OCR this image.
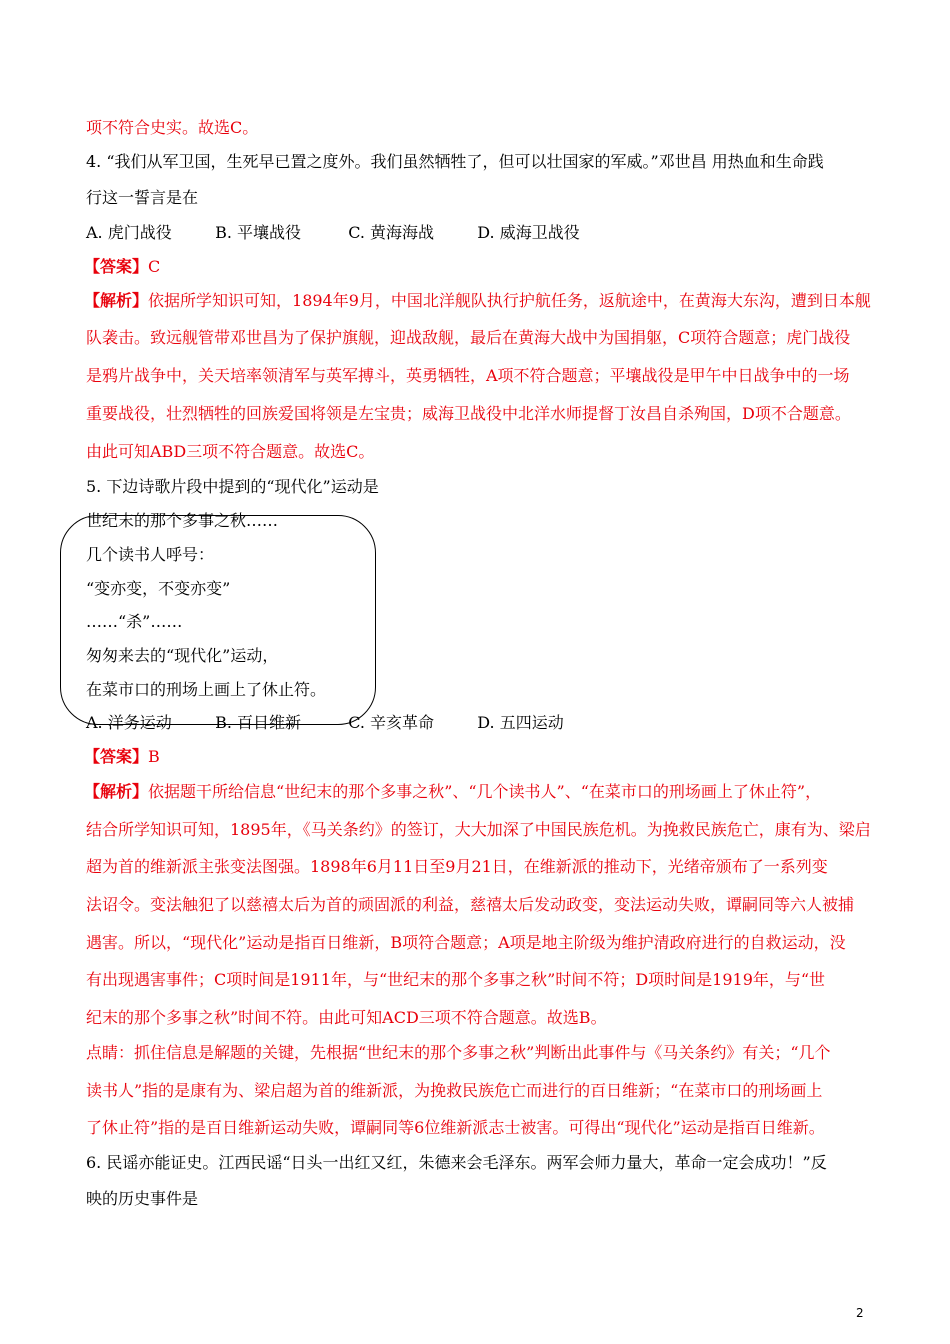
项不符合史实。故选C。
4. “我们从军卫国，生死早已置之度外。我们虽然牺牲了，但可以壮国家的军威。”邓世昌 用热血和生命践
行这一誓言是在
A. 虎门战役	B. 平壤战役	C. 黄海海战	D. 威海卫战役
【答案】C
【解析】依据所学知识可知，1894年9月，中国北洋舰队执行护航任务，返航途中，在黄海大东沟，遭到日本舰
队袭击。致远舰管带邓世昌为了保护旗舰，迎战敌舰，最后在黄海大战中为国捐躯，C项符合题意；虎门战役
是鸦片战争中，关天培率领清军与英军搏斗，英勇牺牲，A项不符合题意；平壤战役是甲午中日战争中的一场
重要战役，壮烈牺牲的回族爱国将领是左宝贵；威海卫战役中北洋水师提督丁汝昌自杀殉国，D项不合题意。
由此可知ABD三项不符合题意。故选C。
5. 下边诗歌片段中提到的“现代化”运动是
世纪末的那个多事之秋……
几个读书人呼号：
“变亦变，不变亦变”
……“杀”……
匆匆来去的“现代化”运动，
在菜市口的刑场上画上了休止符。
A. 洋务运动	B. 百日维新	C. 辛亥革命	D. 五四运动
【答案】B
【解析】依据题干所给信息“世纪末的那个多事之秋”、“几个读书人”、“在菜市口的刑场画上了休止符”，
结合所学知识可知，1895年，《马关条约》的签订，大大加深了中国民族危机。为挽救民族危亡，康有为、梁启
超为首的维新派主张变法图强。1898年6月11日至9月21日，在维新派的推动下，光绪帝颁布了一系列变
法诏令。变法触犯了以慈禧太后为首的顽固派的利益，慈禧太后发动政变，变法运动失败，谭嗣同等六人被捕
遇害。所以，“现代化”运动是指百日维新，B项符合题意；A项是地主阶级为维护清政府进行的自救运动，没
有出现遇害事件；C项时间是1911年，与“世纪末的那个多事之秋”时间不符；D项时间是1919年，与“世
纪末的那个多事之秋”时间不符。由此可知ACD三项不符合题意。故选B。
点睛：抓住信息是解题的关键，先根据“世纪末的那个多事之秋”判断出此事件与《马关条约》有关；“几个
读书人”指的是康有为、梁启超为首的维新派，为挽救民族危亡而进行的百日维新；“在菜市口的刑场画上
了休止符”指的是百日维新运动失败，谭嗣同等6位维新派志士被害。可得出“现代化”运动是指百日维新。
6. 民谣亦能证史。江西民谣“日头一出红又红，朱德来会毛泽东。两军会师力量大，革命一定会成功！”反
映的历史事件是
2
